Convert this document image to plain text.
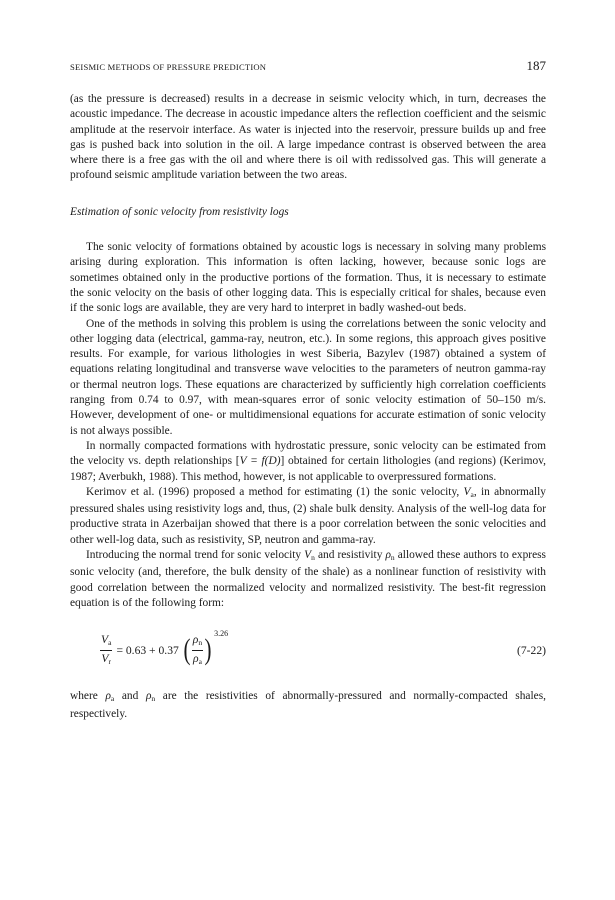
SEISMIC METHODS OF PRESSURE PREDICTION	187

(as the pressure is decreased) results in a decrease in seismic velocity which, in turn, decreases the acoustic impedance. The decrease in acoustic impedance alters the reflection coefficient and the seismic amplitude at the reservoir interface. As water is injected into the reservoir, pressure builds up and free gas is pushed back into solution in the oil. A large impedance contrast is observed between the area where there is a free gas with the oil and where there is oil with redissolved gas. This will generate a profound seismic amplitude variation between the two areas.

Estimation of sonic velocity from resistivity logs

The sonic velocity of formations obtained by acoustic logs is necessary in solving many problems arising during exploration. This information is often lacking, however, because sonic logs are sometimes obtained only in the productive portions of the formation. Thus, it is necessary to estimate the sonic velocity on the basis of other logging data. This is especially critical for shales, because even if the sonic logs are available, they are very hard to interpret in badly washed-out beds.

One of the methods in solving this problem is using the correlations between the sonic velocity and other logging data (electrical, gamma-ray, neutron, etc.). In some regions, this approach gives positive results. For example, for various lithologies in west Siberia, Bazylev (1987) obtained a system of equations relating longitudinal and transverse wave velocities to the parameters of neutron gamma-ray or thermal neutron logs. These equations are characterized by sufficiently high correlation coefficients ranging from 0.74 to 0.97, with mean-squares error of sonic velocity estimation of 50–150 m/s. However, development of one- or multidimensional equations for accurate estimation of sonic velocity is not always possible.

In normally compacted formations with hydrostatic pressure, sonic velocity can be estimated from the velocity vs. depth relationships [V = f(D)] obtained for certain lithologies (and regions) (Kerimov, 1987; Averbukh, 1988). This method, however, is not applicable to overpressured formations.

Kerimov et al. (1996) proposed a method for estimating (1) the sonic velocity, $V_a$, in abnormally pressured shales using resistivity logs and, thus, (2) shale bulk density. Analysis of the well-log data for productive strata in Azerbaijan showed that there is a poor correlation between the sonic velocities and other well-log data, such as resistivity, SP, neutron and gamma-ray.

Introducing the normal trend for sonic velocity $V_n$ and resistivity $\rho_n$ allowed these authors to express sonic velocity (and, therefore, the bulk density of the shale) as a nonlinear function of resistivity with good correlation between the normalized velocity and normalized resistivity. The best-fit regression equation is of the following form:

$\frac{V_a}{V_r} = 0.63 + 0.37$ ( $\frac{\rho_n}{\rho_a}$ )
3.26
(7-22)

where $\rho_a$ and $\rho_n$ are the resistivities of abnormally-pressured and normally-compacted shales, respectively.
